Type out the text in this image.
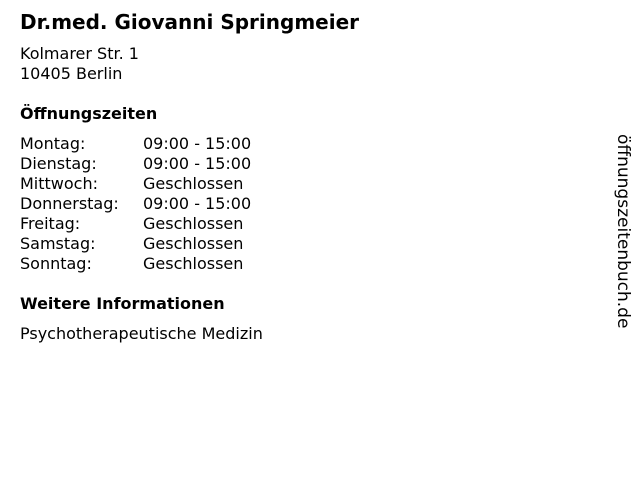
Dr.med. Giovanni Springmeier
Kolmarer Str. 1
10405 Berlin
Öffnungszeiten
Montag:	09:00 - 15:00
Dienstag:	09:00 - 15:00
Mittwoch:	Geschlossen
Donnerstag:	09:00 - 15:00
Freitag:	Geschlossen
Samstag:	Geschlossen
Sonntag:	Geschlossen
Weitere Informationen
Psychotherapeutische Medizin
öffnungszeitenbuch.de
